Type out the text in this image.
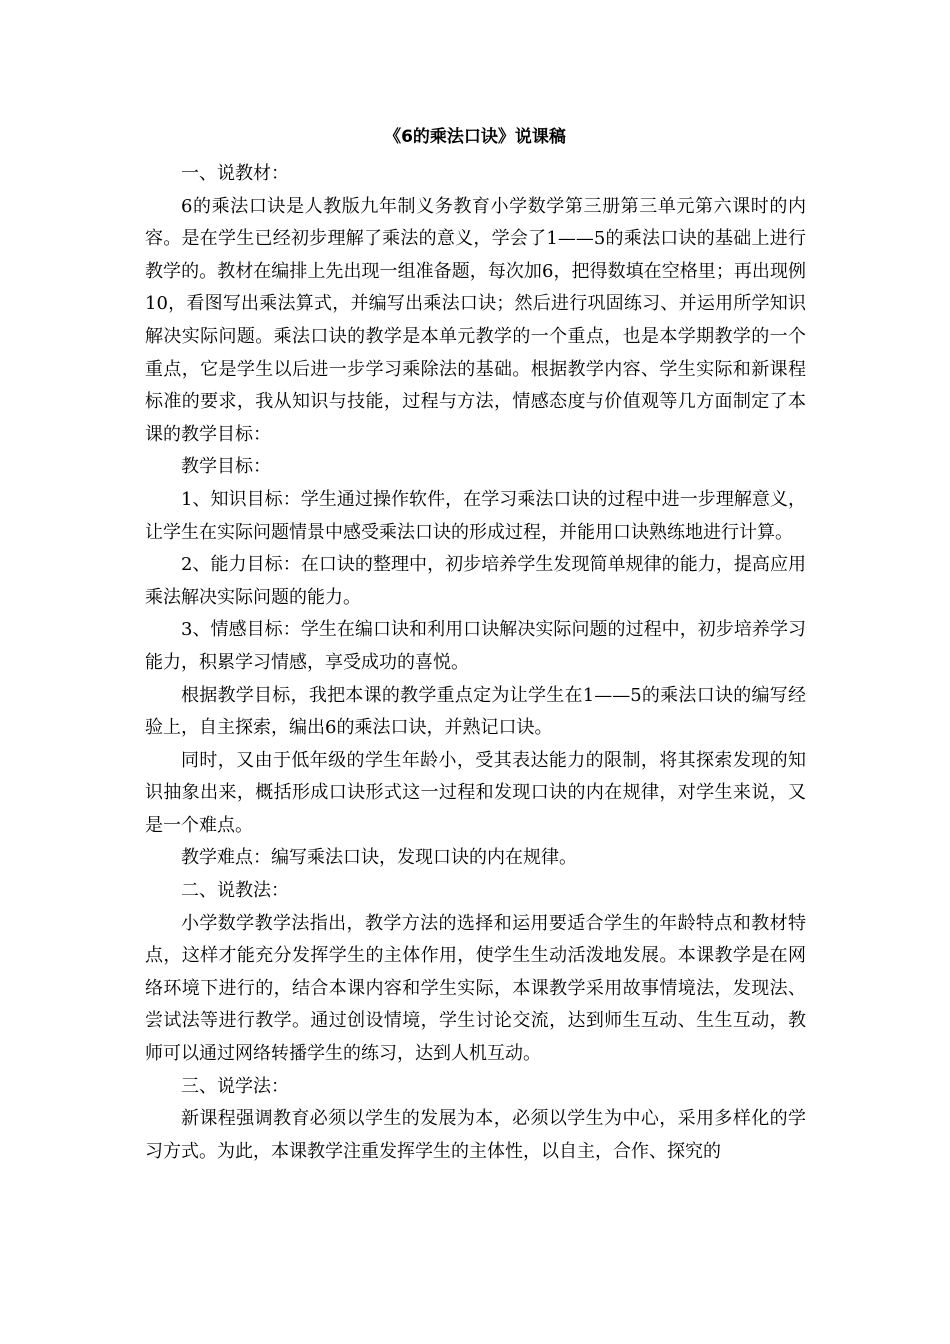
《6的乘法口诀》说课稿

一、说教材：

6的乘法口诀是人教版九年制义务教育小学数学第三册第三单元第六课时的内容。是在学生已经初步理解了乘法的意义，学会了1——5的乘法口诀的基础上进行教学的。教材在编排上先出现一组准备题，每次加6，把得数填在空格里；再出现例10，看图写出乘法算式，并编写出乘法口诀；然后进行巩固练习、并运用所学知识解决实际问题。乘法口诀的教学是本单元教学的一个重点，也是本学期教学的一个重点，它是学生以后进一步学习乘除法的基础。根据教学内容、学生实际和新课程标准的要求，我从知识与技能，过程与方法，情感态度与价值观等几方面制定了本课的教学目标：

教学目标：

1、知识目标：学生通过操作软件，在学习乘法口诀的过程中进一步理解意义，让学生在实际问题情景中感受乘法口诀的形成过程，并能用口诀熟练地进行计算。

2、能力目标：在口诀的整理中，初步培养学生发现简单规律的能力，提高应用乘法解决实际问题的能力。

3、情感目标：学生在编口诀和利用口诀解决实际问题的过程中，初步培养学习能力，积累学习情感，享受成功的喜悦。

根据教学目标，我把本课的教学重点定为让学生在1——5的乘法口诀的编写经验上，自主探索，编出6的乘法口诀，并熟记口诀。

同时，又由于低年级的学生年龄小，受其表达能力的限制，将其探索发现的知识抽象出来，概括形成口诀形式这一过程和发现口诀的内在规律，对学生来说，又是一个难点。

教学难点：编写乘法口诀，发现口诀的内在规律。

二、说教法：

小学数学教学法指出，教学方法的选择和运用要适合学生的年龄特点和教材特点，这样才能充分发挥学生的主体作用，使学生生动活泼地发展。本课教学是在网络环境下进行的，结合本课内容和学生实际，本课教学采用故事情境法，发现法、尝试法等进行教学。通过创设情境，学生讨论交流，达到师生互动、生生互动，教师可以通过网络转播学生的练习，达到人机互动。

三、说学法：

新课程强调教育必须以学生的发展为本，必须以学生为中心，采用多样化的学习方式。为此，本课教学注重发挥学生的主体性，以自主，合作、探究的
